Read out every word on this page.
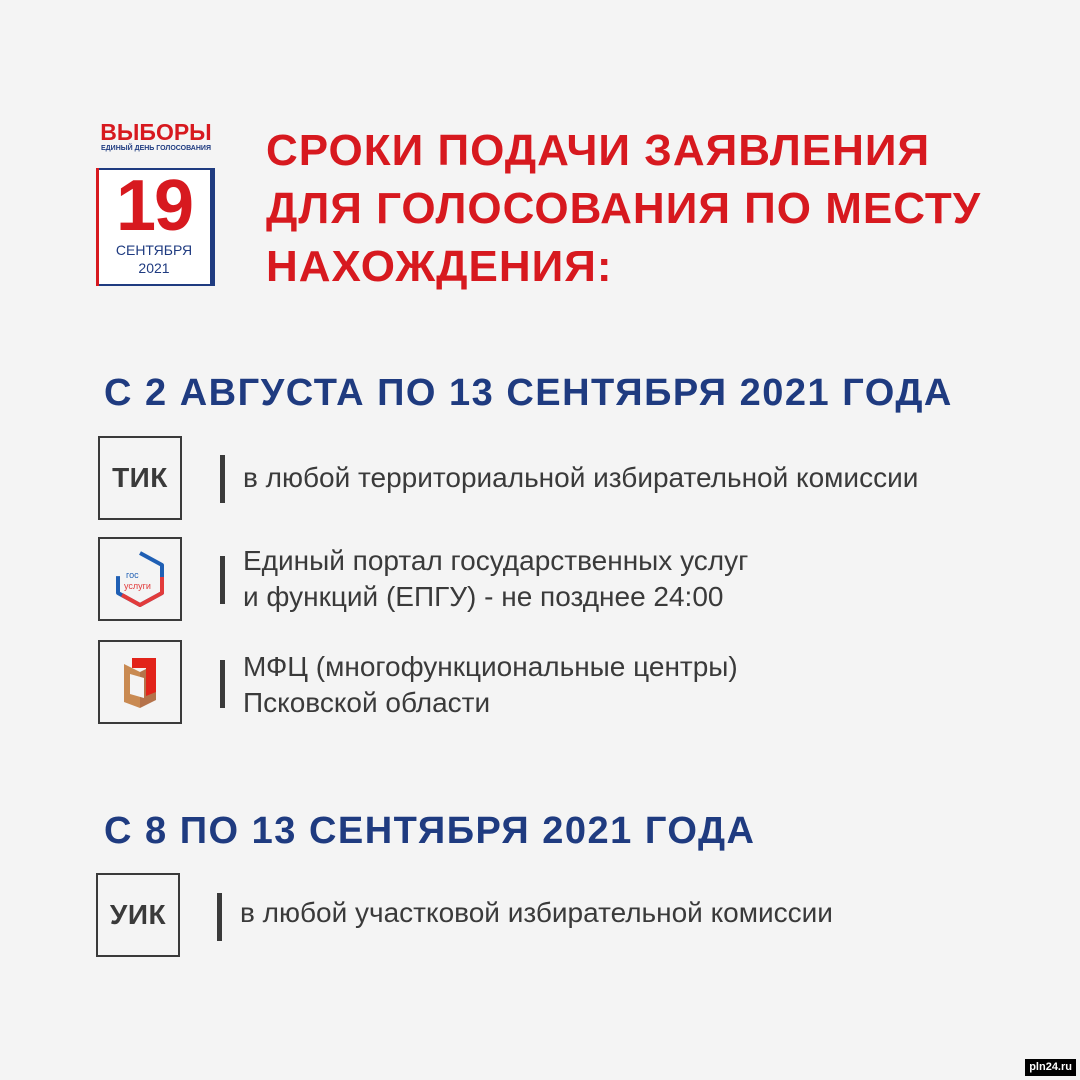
ВЫБОРЫ
ЕДИНЫЙ ДЕНЬ ГОЛОСОВАНИЯ
19
СЕНТЯБРЯ
2021
СРОКИ ПОДАЧИ ЗАЯВЛЕНИЯ
ДЛЯ ГОЛОСОВАНИЯ ПО МЕСТУ
НАХОЖДЕНИЯ:
С 2 АВГУСТА ПО 13 СЕНТЯБРЯ 2021 ГОДА
ТИК	в любой территориальной избирательной комиссии
гос
услуги
Единый портал государственных услуг
и функций (ЕПГУ) - не позднее 24:00
МФЦ (многофункциональные центры)
Псковской области
С 8 ПО 13 СЕНТЯБРЯ 2021 ГОДА
УИК	в любой участковой избирательной комиссии
pln24.ru
